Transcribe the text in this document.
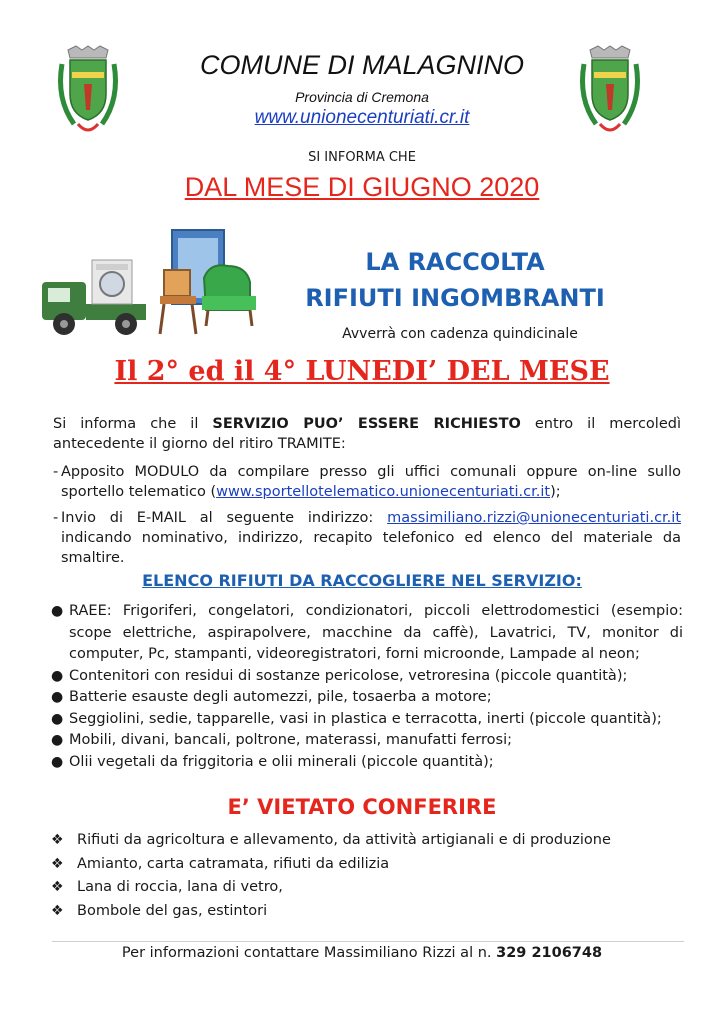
COMUNE DI MALAGNINO
Provincia di Cremona
www.unionecenturiati.cr.it
SI INFORMA CHE
DAL MESE DI GIUGNO 2020
LA RACCOLTA
RIFIUTI INGOMBRANTI
Avverrà con cadenza quindicinale
Il 2° ed il 4° LUNEDI’ DEL MESE
Si informa che il SERVIZIO PUO’ ESSERE RICHIESTO entro il mercoledì antecedente il giorno del ritiro TRAMITE:
- Apposito MODULO da compilare presso gli uffici comunali oppure on-line sullo sportello telematico (www.sportellotelematico.unionecenturiati.cr.it);
- Invio di E-MAIL al seguente indirizzo: massimiliano.rizzi@unionecenturiati.cr.it indicando nominativo, indirizzo, recapito telefonico ed elenco del materiale da smaltire.
ELENCO RIFIUTI DA RACCOGLIERE NEL SERVIZIO:
● RAEE: Frigoriferi, congelatori, condizionatori, piccoli elettrodomestici (esempio: scope elettriche, aspirapolvere, macchine da caffè), Lavatrici, TV, monitor di computer, Pc, stampanti, videoregistratori, forni microonde, Lampade al neon;
● Contenitori con residui di sostanze pericolose, vetroresina (piccole quantità);
● Batterie esauste degli automezzi, pile, tosaerba a motore;
● Seggiolini, sedie, tapparelle, vasi in plastica e terracotta, inerti (piccole quantità);
● Mobili, divani, bancali, poltrone, materassi, manufatti ferrosi;
● Olii vegetali da friggitoria e olii minerali (piccole quantità);
E’ VIETATO CONFERIRE
❖ Rifiuti da agricoltura e allevamento, da attività artigianali e di produzione
❖ Amianto, carta catramata, rifiuti da edilizia
❖ Lana di roccia, lana di vetro,
❖ Bombole del gas, estintori
Per informazioni contattare Massimiliano Rizzi al n. 329 2106748
